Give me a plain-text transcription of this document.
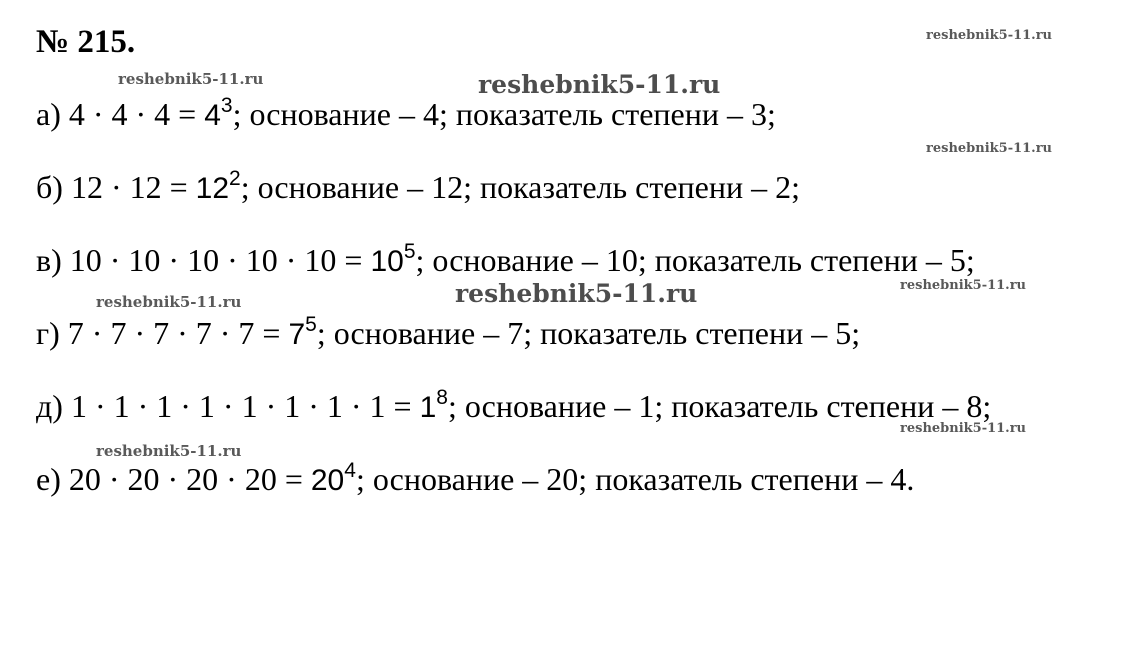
№ 215.	reshebnik5-11.ru
reshebnik5-11.ru	reshebnik5-11.ru
reshebnik5-11.ru
reshebnik5-11.ru	reshebnik5-11.ru	reshebnik5-11.ru
reshebnik5-11.ru
reshebnik5-11.ru
а) $4 \cdot 4 \cdot 4 = 4^3$; основание – 4; показатель степени – 3;
б) $12 \cdot 12 = 12^2$; основание – 12; показатель степени – 2;
в) $10 \cdot 10 \cdot 10 \cdot 10 \cdot 10 = 10^5$; основание – 10; показатель степени – 5;
г) $7 \cdot 7 \cdot 7 \cdot 7 \cdot 7 = 7^5$; основание – 7; показатель степени – 5;
д) $1 \cdot 1 \cdot 1 \cdot 1 \cdot 1 \cdot 1 \cdot 1 \cdot 1 = 1^8$; основание – 1; показатель степени – 8;
е) $20 \cdot 20 \cdot 20 \cdot 20 = 20^4$; основание – 20; показатель степени – 4.
